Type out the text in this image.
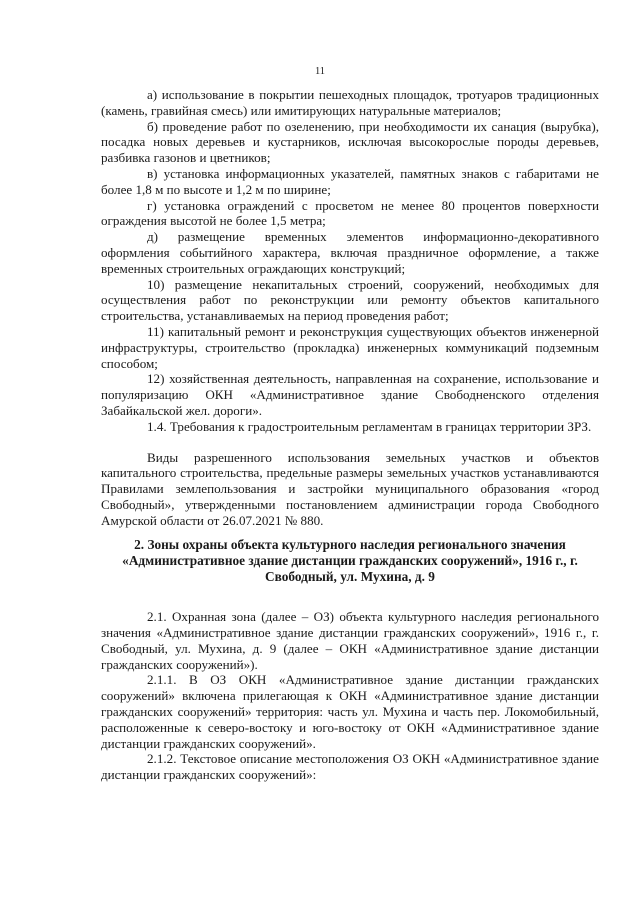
11

а) использование в покрытии пешеходных площадок, тротуаров традиционных (камень, гравийная смесь) или имитирующих натуральные материалов;

б) проведение работ по озеленению, при необходимости их санация (вырубка), посадка новых деревьев и кустарников, исключая высокорослые породы деревьев, разбивка газонов и цветников;

в) установка информационных указателей, памятных знаков с габаритами не более 1,8 м по высоте и 1,2 м по ширине;

г) установка ограждений с просветом не менее 80 процентов поверхности ограждения высотой не более 1,5 метра;

д) размещение временных элементов информационно-декоративного оформления событийного характера, включая праздничное оформление, а также временных строительных ограждающих конструкций;

10) размещение некапитальных строений, сооружений, необходимых для осуществления работ по реконструкции или ремонту объектов капитального строительства, устанавливаемых на период проведения работ;

11) капитальный ремонт и реконструкция существующих объектов инженерной инфраструктуры, строительство (прокладка) инженерных коммуникаций подземным способом;

12) хозяйственная деятельность, направленная на сохранение, использование и популяризацию ОКН «Административное здание Свободненского отделения Забайкальской жел. дороги».

1.4. Требования к градостроительным регламентам в границах территории ЗРЗ.

Виды разрешенного использования земельных участков и объектов капитального строительства, предельные размеры земельных участков устанавливаются Правилами землепользования и застройки муниципального образования «город Свободный», утвержденными постановлением администрации города Свободного Амурской области от 26.07.2021 № 880.

2. Зоны охраны объекта культурного наследия регионального значения «Административное здание дистанции гражданских сооружений», 1916 г., г. Свободный, ул. Мухина, д. 9

2.1. Охранная зона (далее – ОЗ) объекта культурного наследия регионального значения «Административное здание дистанции гражданских сооружений», 1916 г., г. Свободный, ул. Мухина, д. 9 (далее – ОКН «Административное здание дистанции гражданских сооружений»).

2.1.1. В ОЗ ОКН «Административное здание дистанции гражданских сооружений» включена прилегающая к ОКН «Административное здание дистанции гражданских сооружений» территория: часть ул. Мухина и часть пер. Локомобильный, расположенные к северо-востоку и юго-востоку от ОКН «Административное здание дистанции гражданских сооружений».

2.1.2. Текстовое описание местоположения ОЗ ОКН «Административное здание дистанции гражданских сооружений»:
